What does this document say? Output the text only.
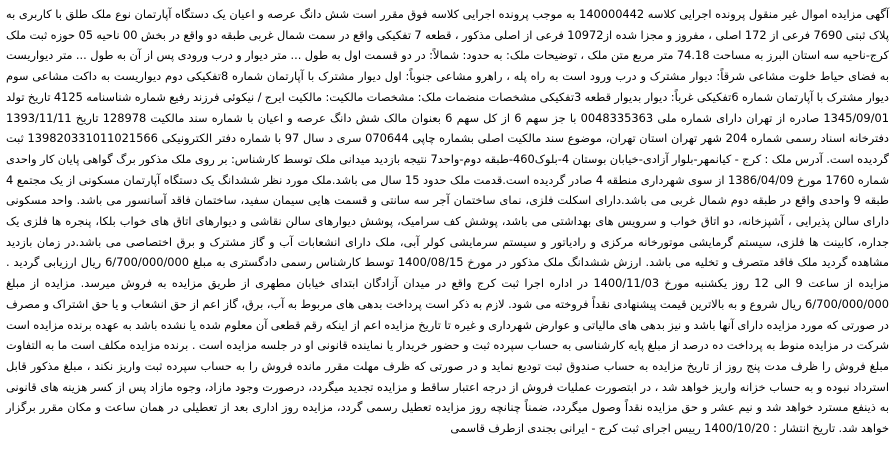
آگهی مزایده اموال غیر منقول پرونده اجرایی کلاسه 140000442 به موجب پرونده اجرایی کلاسه فوق مقرر است شش دانگ عرصه و اعیان یک دستگاه آپارتمان نوع ملک طلق با کاربری به پلاک ثبتی 7690 فرعی از 172 اصلی ، مفروز و مجزا شده از10972 فرعی از اصلی مذکور ، قطعه 7 تفکیکی واقع در سمت شمال غربی طبقه دو واقع در بخش 00 ناحیه 05 حوزه ثبت ملک کرج-ناحیه سه استان البرز به مساحت 74.18 متر مربع متن ملک ، توضیحات ملک: به حدود: شمالاً: در دو قسمت اول به طول ... متر دیوار و درب ورودی پس از آن به طول ... متر دیواریست به فضای حیاط خلوت مشاعی شرقاً: دیوار مشترک و درب ورود است به راه پله ، راهرو مشاعی جنوباً: اول دیوار مشترک با آپارتمان شماره 8تفکیکی دوم دیواریست به داکت مشاعی سوم دیوار مشترک با آپارتمان شماره 6تفکیکی غرباً: دیوار بدیوار قطعه 3تفکیکی مشخصات منضمات ملک: مشخصات مالکیت: مالکیت ایرج / نیکوئی فرزند رفیع شماره شناسنامه 4125 تاریخ تولد 1345/09/01 صادره از تهران دارای شماره ملی 0048335363 با جز سهم 6 از کل سهم 6 بعنوان مالک شش دانگ عرصه و اعیان با شماره سند مالکیت 128978 تاریخ 1393/11/11 دفترخانه اسناد رسمی شماره 204 شهر تهران استان تهران، موضوع سند مالکیت اصلی بشماره چاپی 070644 سری د سال 97 با شماره دفتر الکترونیکی 139820331011021566 ثبت گردیده است. آدرس ملک : کرج - کیانمهر-بلوار آزادی-خیابان بوستان 4-بلوک460-طبقه دوم-واحد7 نتیجه بازدید میدانی ملک توسط کارشناس: بر روی ملک مذکور برگ گواهی پایان کار واحدی شماره 1760 مورخ 1386/04/09 از سوی شهرداری منطقه 4 صادر گردیده است.قدمت ملک حدود 15 سال می باشد.ملک مورد نظر ششدانگ یک دستگاه آپارتمان مسکونی از یک مجتمع 4 طبقه 9 واحدی واقع در طبقه دوم شمال غربی می باشد.دارای اسکلت فلزی، نمای ساختمان آجر سه سانتی و قسمت هایی سیمان سفید، ساختمان فاقد آسانسور می باشد. واحد مسکونی دارای سالن پذیرایی ، آشپزخانه، دو اتاق خواب و سرویس های بهداشتی می باشد، پوشش کف سرامیک، پوشش دیوارهای سالن نقاشی و دیوارهای اتاق های خواب بلکا، پنجره ها فلزی یک جداره، کابینت ها فلزی، سیستم گرمایشی موتورخانه مرکزی و رادیاتور و سیستم سرمایشی کولر آبی، ملک دارای انشعابات آب و گاز مشترک و برق اختصاصی می باشد.در زمان بازدید مشاهده گردید ملک فاقد متصرف و تخلیه می باشد. ارزش ششدانگ ملک مذکور در مورخ 1400/08/15 توسط کارشناس رسمی دادگستری به مبلغ 6/700/000/000 ریال ارزیابی گردید . مزایده از ساعت 9 الی 12 روز یکشنبه مورخ 1400/11/03 در اداره اجرا ثبت کرج واقع در میدان آزادگان ابتدای خیابان مطهری از طریق مزایده به فروش میرسد. مزایده از مبلغ 6/700/000/000 ریال شروع و به بالاترین قیمت پیشنهادی نقداً فروخته می شود. لازم به ذکر است پرداخت بدهی های مربوط به آب، برق، گاز اعم از حق انشعاب و یا حق اشتراک و مصرف در صورتی که مورد مزایده دارای آنها باشد و نیز بدهی های مالیاتی و عوارض شهرداری و غیره تا تاریخ مزایده اعم از اینکه رقم قطعی آن معلوم شده یا نشده باشد به عهده برنده مزایده است شرکت در مزایده منوط به پرداخت ده درصد از مبلغ پایه کارشناسی به حساب سپرده ثبت و حضور خریدار یا نماینده قانونی او در جلسه مزایده است . برنده مزایده مکلف است ما به التفاوت مبلغ فروش را ظرف مدت پنج روز از تاریخ مزایده به حساب صندوق ثبت تودیع نماید و در صورتی که ظرف مهلت مقرر مانده فروش را به حساب سپرده ثبت واریز نکند ، مبلغ مذکور قابل استرداد نبوده و به حساب خزانه واریز خواهد شد ، در ابتصورت عملیات فروش از درجه اعتبار ساقط و مزایده تجدید میگردد، درصورت وجود مازاد، وجوه مازاد پس از کسر هزینه های قانونی به ذینفع مسترد خواهد شد و نیم عشر و حق مزایده نقداً وصول میگردد، ضمناً چنانچه روز مزایده تعطیل رسمی گردد، مزایده روز اداری بعد از تعطیلی در همان ساعت و مکان مقرر برگزار خواهد شد. تاریخ انتشار : 1400/10/20 رییس اجرای ثبت کرج - ایرانی بجندی ازطرف قاسمی
